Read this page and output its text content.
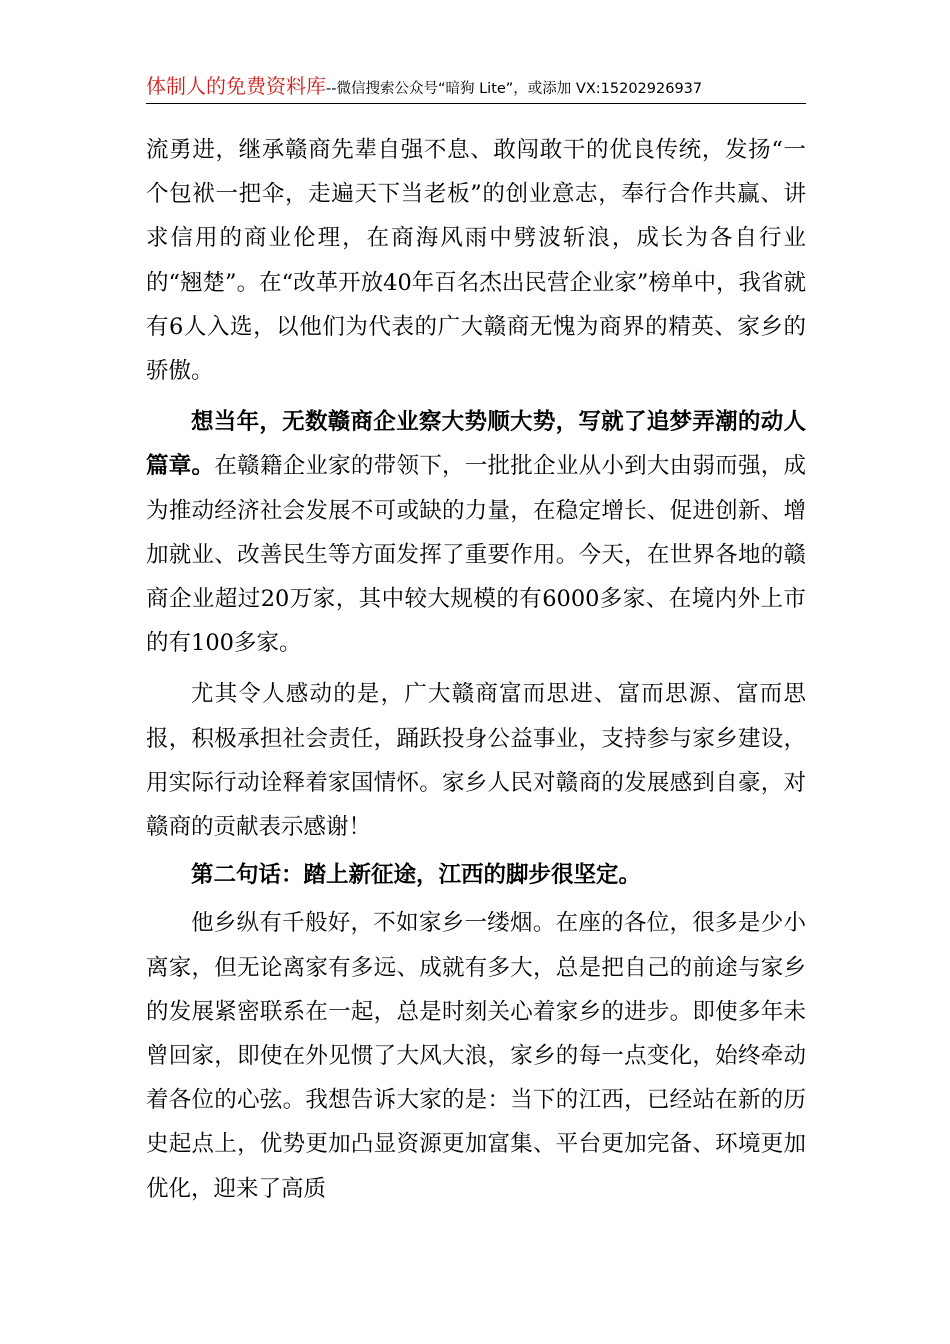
体制人的免费资料库--微信搜索公众号“暗狗 Lite”，或添加 VX:15202926937

流勇进，继承赣商先辈自强不息、敢闯敢干的优良传统，发扬“一个包袱一把伞，走遍天下当老板”的创业意志，奉行合作共赢、讲求信用的商业伦理，在商海风雨中劈波斩浪，成长为各自行业的“翘楚”。在“改革开放40年百名杰出民营企业家”榜单中，我省就有6人入选，以他们为代表的广大赣商无愧为商界的精英、家乡的骄傲。

想当年，无数赣商企业察大势顺大势，写就了追梦弄潮的动人篇章。在赣籍企业家的带领下，一批批企业从小到大由弱而强，成为推动经济社会发展不可或缺的力量，在稳定增长、促进创新、增加就业、改善民生等方面发挥了重要作用。今天，在世界各地的赣商企业超过20万家，其中较大规模的有6000多家、在境内外上市的有100多家。

尤其令人感动的是，广大赣商富而思进、富而思源、富而思报，积极承担社会责任，踊跃投身公益事业，支持参与家乡建设，用实际行动诠释着家国情怀。家乡人民对赣商的发展感到自豪，对赣商的贡献表示感谢！

第二句话：踏上新征途，江西的脚步很坚定。

他乡纵有千般好，不如家乡一缕烟。在座的各位，很多是少小离家，但无论离家有多远、成就有多大，总是把自己的前途与家乡的发展紧密联系在一起，总是时刻关心着家乡的进步。即使多年未曾回家，即使在外见惯了大风大浪，家乡的每一点变化，始终牵动着各位的心弦。我想告诉大家的是：当下的江西，已经站在新的历史起点上，优势更加凸显资源更加富集、平台更加完备、环境更加优化，迎来了高质
